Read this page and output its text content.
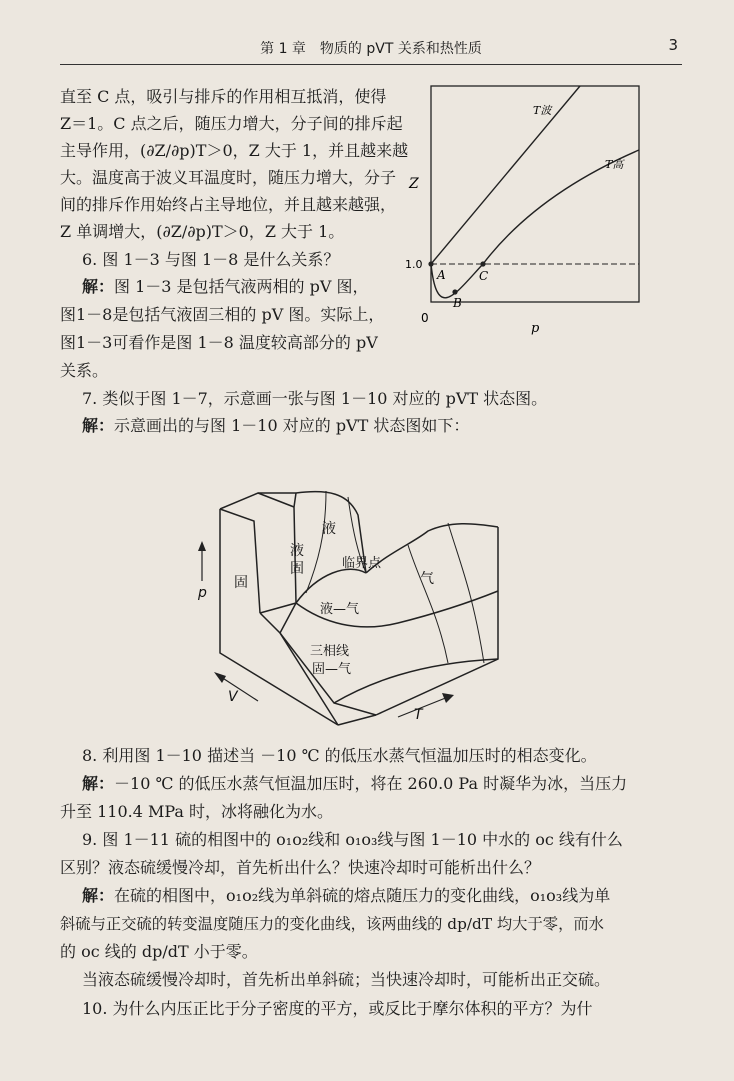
第 1 章　物质的 pVT 关系和热性质	3
直至 C 点，吸引与排斥的作用相互抵消，使得
Z＝1。C 点之后，随压力增大，分子间的排斥起
主导作用，(∂Z/∂p)T＞0，Z 大于 1，并且越来越
大。温度高于波义耳温度时，随压力增大，分子
间的排斥作用始终占主导地位，并且越来越强，
Z 单调增大，(∂Z/∂p)T＞0，Z 大于 1。
6. 图 1－3 与图 1－8 是什么关系？
解：图 1－3 是包括气液两相的 pV 图，
图1－8是包括气液固三相的 pV 图。实际上，
图1－3可看作是图 1－8 温度较高部分的 pV
关系。
7. 类似于图 1－7，示意画一张与图 1－10 对应的 pVT 状态图。
解：示意画出的与图 1－10 对应的 pVT 状态图如下：
Z
1.0
0
p
A
B
C
T波
T高
p
V
T
固
液
临界点
气
液—气
三相线
固—气
液固
8. 利用图 1－10 描述当 －10 ℃ 的低压水蒸气恒温加压时的相态变化。
解：－10 ℃ 的低压水蒸气恒温加压时，将在 260.0 Pa 时凝华为冰，当压力
升至 110.4 MPa 时，冰将融化为水。
9. 图 1－11 硫的相图中的 o₁o₂线和 o₁o₃线与图 1－10 中水的 oc 线有什么
区别？液态硫缓慢冷却，首先析出什么？快速冷却时可能析出什么？
解：在硫的相图中，o₁o₂线为单斜硫的熔点随压力的变化曲线，o₁o₃线为单
斜硫与正交硫的转变温度随压力的变化曲线，该两曲线的 dp/dT 均大于零，而水
的 oc 线的 dp/dT 小于零。
当液态硫缓慢冷却时，首先析出单斜硫；当快速冷却时，可能析出正交硫。
10. 为什么内压正比于分子密度的平方，或反比于摩尔体积的平方？为什
